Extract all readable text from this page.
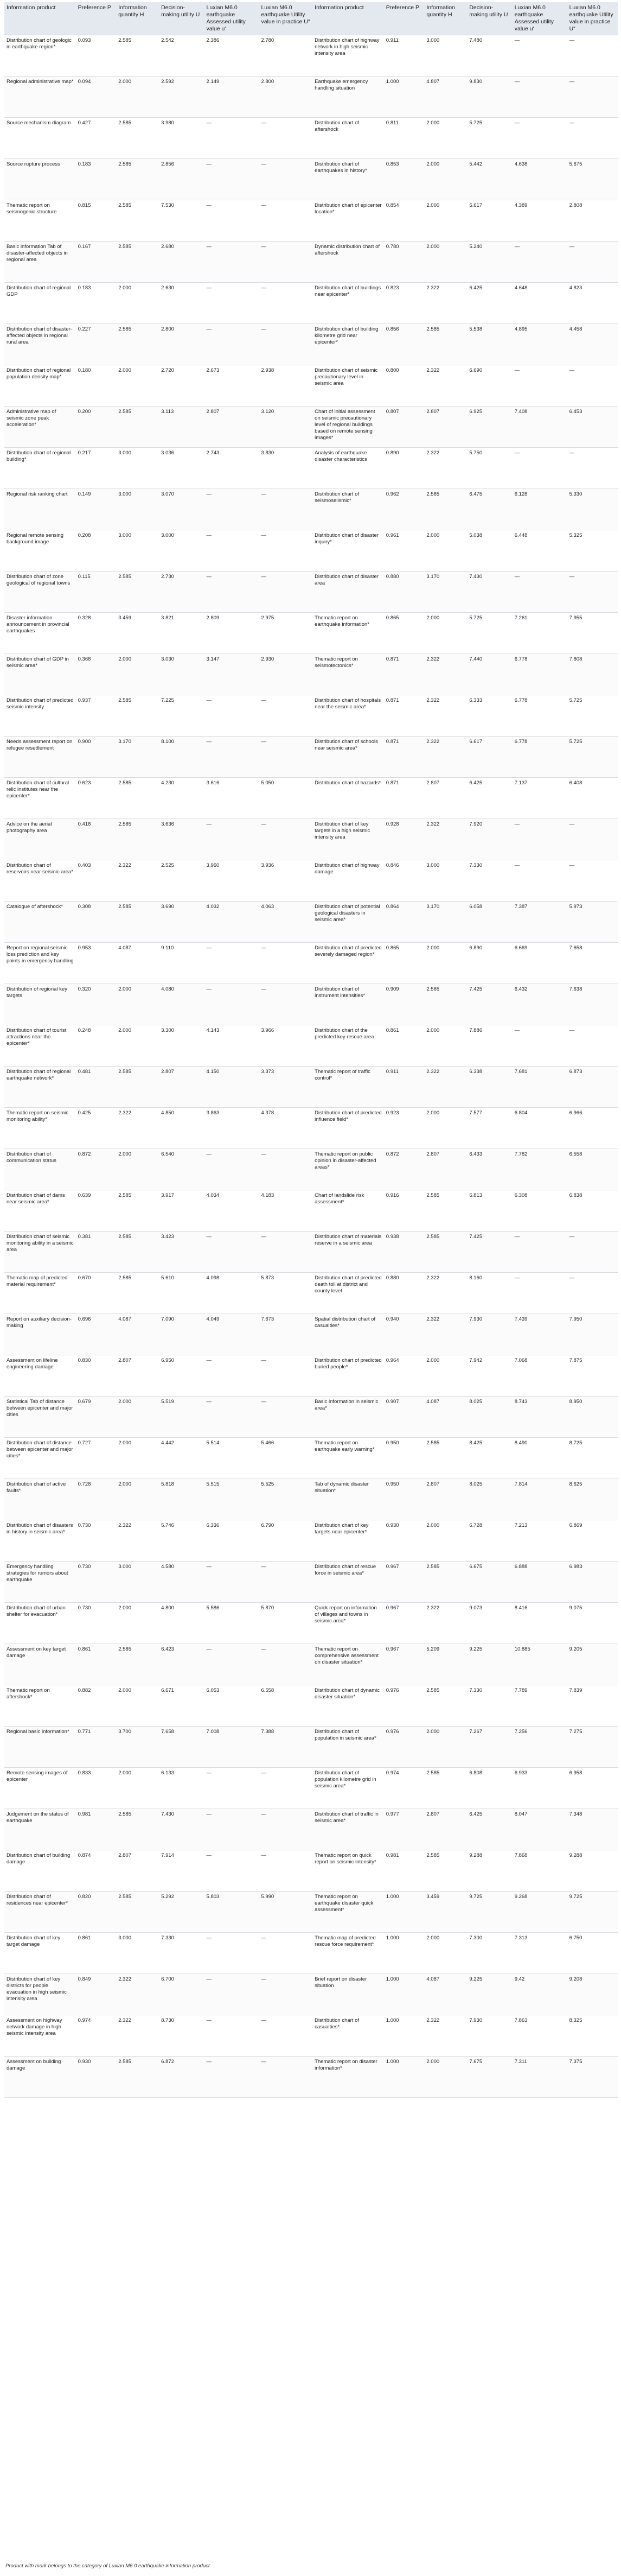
Information product	Preference P	Information quantity H	Decision-making utility U	Luxian M6.0 earthquake Assessed utility value u′	Luxian M6.0 earthquake Utility value in practice U″	Information product	Preference P	Information quantity H	Decision-making utility U	Luxian M6.0 earthquake Assessed utility value u′	Luxian M6.0 earthquake Utility value in practice U″
Distribution chart of geologic in earthquake region*	0.093	2.585	2.542	2.386	2.780	Distribution chart of highway network in high seismic intensity area	0.911	3.000	7.480	—	—
Regional administrative map*	0.094	2.000	2.592	2.149	2.800	Earthquake emergency handling situation	1.000	4.807	9.830	—	—
Source mechanism diagram	0.427	2.585	3.980	—	—	Distribution chart of aftershock	0.811	2.000	5.725	—	—
Source rupture process	0.183	2.585	2.856	—	—	Distribution chart of earthquakes in history*	0.853	2.000	5.442	4.638	5.675
Thematic report on seismogenic structure	0.815	2.585	7.530	—	—	Distribution chart of epicenter location*	0.854	2.000	5.617	4.389	2.808
Basic information Tab of disaster-affected objects in regional area	0.167	2.585	2.680	—	—	Dynamic distribution chart of aftershock	0.780	2.000	5.240	—	—
Distribution chart of regional GDP	0.183	2.000	2.630	—	—	Distribution chart of buildings near epicenter*	0.823	2.322	6.425	4.648	4.823
Distribution chart of disaster-affected objects in regional rural area	0.227	2.585	2.800	—	—	Distribution chart of building kilometre grid near epicenter*	0.856	2.585	5.538	4.895	4.458
Distribution chart of regional population density map*	0.180	2.000	2.720	2.673	2.938	Distribution chart of seismic precautionary level in seismic area	0.800	2.322	6.690	—	—
Administrative map of seismic zone peak acceleration*	0.200	2.585	3.113	2.807	3.120	Chart of initial assessment on seismic precautionary level of regional buildings based on remote sensing images*	0.807	2.807	6.925	7.408	6.453
Distribution chart of regional building*	0.217	3.000	3.036	2.743	3.830	Analysis of earthquake disaster characteristics	0.890	2.322	5.750	—	—
Regional risk ranking chart	0.149	3.000	3.070	—	—	Distribution chart of seismoselismic*	0.962	2.585	6.475	6.128	5.330
Regional remote sensing background image	0.208	3.000	3.000	—	—	Distribution chart of disaster inquiry*	0.961	2.000	5.038	6.448	5.325
Distribution chart of zone geological of regional towns	0.115	2.585	2.730	—	—	Distribution chart of disaster area	0.880	3.170	7.430	—	—
Disaster information announcement in provincial earthquakes	0.328	3.459	3.821	2.809	2.975	Thematic report on earthquake information*	0.865	2.000	5.725	7.261	7.955
Distribution chart of GDP in seismic area*	0.368	2.000	3.030	3.147	2.930	Thematic report on seismotectonics*	0.871	2.322	7.440	6.778	7.808
Distribution chart of predicted seismic intensity	0.937	2.585	7.225	—	—	Distribution chart of hospitals near the seismic area*	0.871	2.322	6.333	6.778	5.725
Needs assessment report on refugee resettlement	0.900	3.170	8.100	—	—	Distribution chart of schools near seismic area*	0.871	2.322	6.617	6.778	5.725
Distribution chart of cultural relic institutes near the epicenter*	0.623	2.585	4.230	3.616	5.050	Distribution chart of hazards*	0.871	2.807	6.425	7.137	6.408
Advice on the aerial photography area	0.418	2.585	3.636	—	—	Distribution chart of key targets in a high seismic intensity area	0.928	2.322	7.920	—	—
Distribution chart of reservoirs near seismic area*	0.403	2.322	2.525	3.960	3.936	Distribution chart of highway damage	0.846	3.000	7.330	—	—
Catalogue of aftershock*	0.308	2.585	3.690	4.032	4.063	Distribution chart of potential geological disasters in seismic area*	0.864	3.170	6.058	7.387	5.973
Report on regional seismic loss prediction and key points in emergency handling	0.953	4.087	9.110	—	—	Distribution chart of predicted severely damaged region*	0.865	2.000	6.890	6.669	7.658
Distribution of regional key targets	0.320	2.000	4.080	—	—	Distribution chart of instrument intensities*	0.909	2.585	7.425	6.432	7.638
Distribution chart of tourist attractions near the epicenter*	0.248	2.000	3.300	4.143	3.966	Distribution chart of the predicted key rescue area	0.861	2.000	7.886	—	—
Distribution chart of regional earthquake network*	0.481	2.585	2.807	4.150	3.373	Thematic report of traffic control*	0.911	2.322	6.338	7.681	6.873
Thematic report on seismic monitoring ability*	0.425	2.322	4.850	3.863	4.378	Distribution chart of predicted influence field*	0.923	2.000	7.577	6.804	6.966
Distribution chart of communication status	0.872	2.000	6.540	—	—	Thematic report on public opinion in disaster-affected areas*	0.872	2.807	6.433	7.782	6.558
Distribution chart of dams near seismic area*	0.639	2.585	3.917	4.034	4.183	Chart of landslide risk assessment*	0.916	2.585	6.813	6.308	6.838
Distribution chart of seismic monitoring ability in a seismic area	0.381	2.585	3.423	—	—	Distribution chart of materials reserve in a seismic area	0.938	2.585	7.425	—	—
Thematic map of predicted material requirement*	0.670	2.585	5.610	4.098	5.873	Distribution chart of predicted death toll at district and county level	0.880	2.322	8.160	—	—
Report on auxiliary decision-making	0.696	4.087	7.090	4.049	7.673	Spatial distribution chart of casualties*	0.940	2.322	7.930	7.439	7.950
Assessment on lifeline engineering damage	0.830	2.807	6.950	—	—	Distribution chart of predicted buried people*	0.964	2.000	7.942	7.068	7.875
Statistical Tab of distance between epicenter and major cities	0.679	2.000	5.519	—	—	Basic information in seismic area*	0.907	4.087	8.025	8.743	8.950
Distribution chart of distance between epicenter and major cities*	0.727	2.000	4.442	5.514	5.466	Thematic report on earthquake early warning*	0.950	2.585	8.425	8.490	8.725
Distribution chart of active faults*	0.728	2.000	5.818	5.515	5.525	Tab of dynamic disaster situation*	0.950	2.807	8.025	7.814	8.625
Distribution chart of disasters in history in seismic area*	0.730	2.322	5.746	6.336	6.790	Distribution chart of key targets near epicenter*	0.930	2.000	6.728	7.213	6.869
Emergency handling strategies for rumors about earthquake	0.730	3.000	4.580	—	—	Distribution chart of rescue force in seismic area*	0.967	2.585	6.675	6.888	6.983
Distribution chart of urban shelter for evacuation*	0.730	2.000	4.800	5.586	5.870	Quick report on information of villages and towns in seismic area*	0.967	2.322	9.073	8.416	9.075
Assessment on key target damage	0.861	2.585	6.423	—	—	Thematic report on comprehensive assessment on disaster situation*	0.967	5.209	9.225	10.885	9.205
Thematic report on aftershock*	0.882	2.000	6.671	6.053	6.558	Distribution chart of dynamic disaster situation*	0.976	2.585	7.330	7.789	7.839
Regional basic information*	0.771	3.700	7.658	7.008	7.388	Distribution chart of population in seismic area*	0.976	2.000	7.267	7.256	7.275
Remote sensing images of epicenter	0.833	2.000	6.133	—	—	Distribution chart of population kilometre grid in seismic area*	0.974	2.585	6.808	6.933	6.958
Judgement on the status of earthquake	0.981	2.585	7.430	—	—	Distribution chart of traffic in seismic area*	0.977	2.807	6.425	8.047	7.348
Distribution chart of building damage	0.874	2.807	7.914	—	—	Thematic report on quick report on seismic intensity*	0.981	2.585	9.288	7.868	9.288
Distribution chart of residences near epicenter*	0.820	2.585	5.292	5.803	5.990	Thematic report on earthquake disaster quick assessment*	1.000	3.459	9.725	9.268	9.725
Distribution chart of key target damage	0.861	3.000	7.330	—	—	Thematic map of predicted rescue force requirement*	1.000	2.000	7.300	7.313	6.750
Distribution chart of key districts for people evacuation in high seismic intensity area	0.849	2.322	6.700	—	—	Brief report on disaster situation	1.000	4.087	9.225	9.42	9.208
Assessment on highway network damage in high seismic intensity area	0.974	2.322	8.730	—	—	Distribution chart of casualties*	1.000	2.322	7.930	7.863	8.325
Assessment on building damage	0.930	2.585	6.872	—	—	Thematic report on disaster information*	1.000	2.000	7.675	7.311	7.375
Product with mark belongs to the category of Luxian M6.0 earthquake information product.
